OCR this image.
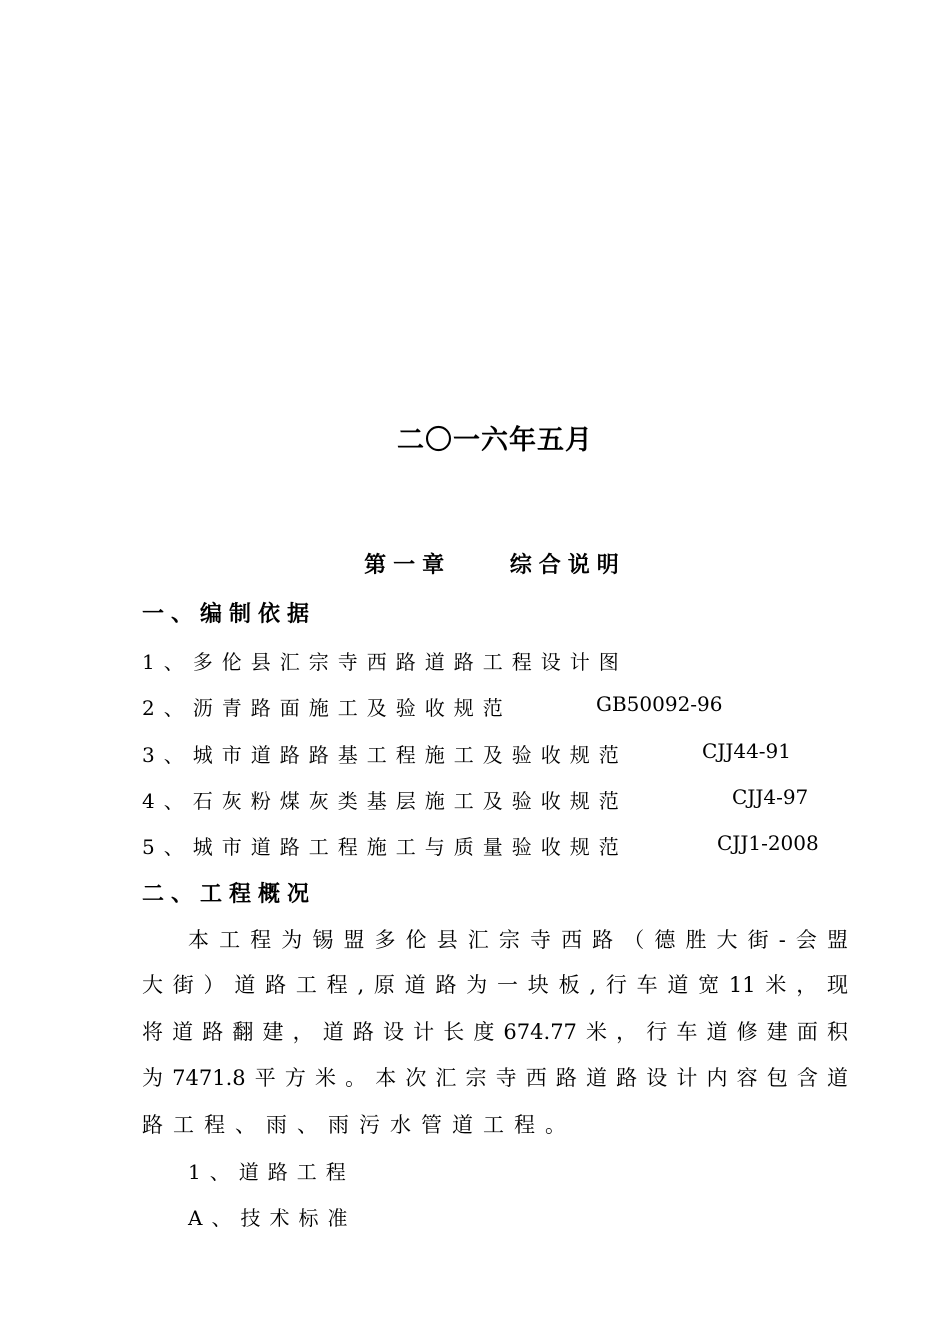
二〇一六年五月
第一章    综合说明
一、编制依据
1、多伦县汇宗寺西路道路工程设计图
2、沥青路面施工及验收规范	GB50092-96
3、城市道路路基工程施工及验收规范	CJJ44-91
4、石灰粉煤灰类基层施工及验收规范	CJJ4-97
5、城市道路工程施工与质量验收规范	CJJ1-2008
二、工程概况
本工程为锡盟多伦县汇宗寺西路（德胜大街-会盟
大街）道路工程,原道路为一块板,行车道宽11米，现
将道路翻建，道路设计长度674.77米，行车道修建面积
为7471.8平方米。本次汇宗寺西路道路设计内容包含道
路工程、雨、雨污水管道工程。
1、道路工程
A、技术标准
